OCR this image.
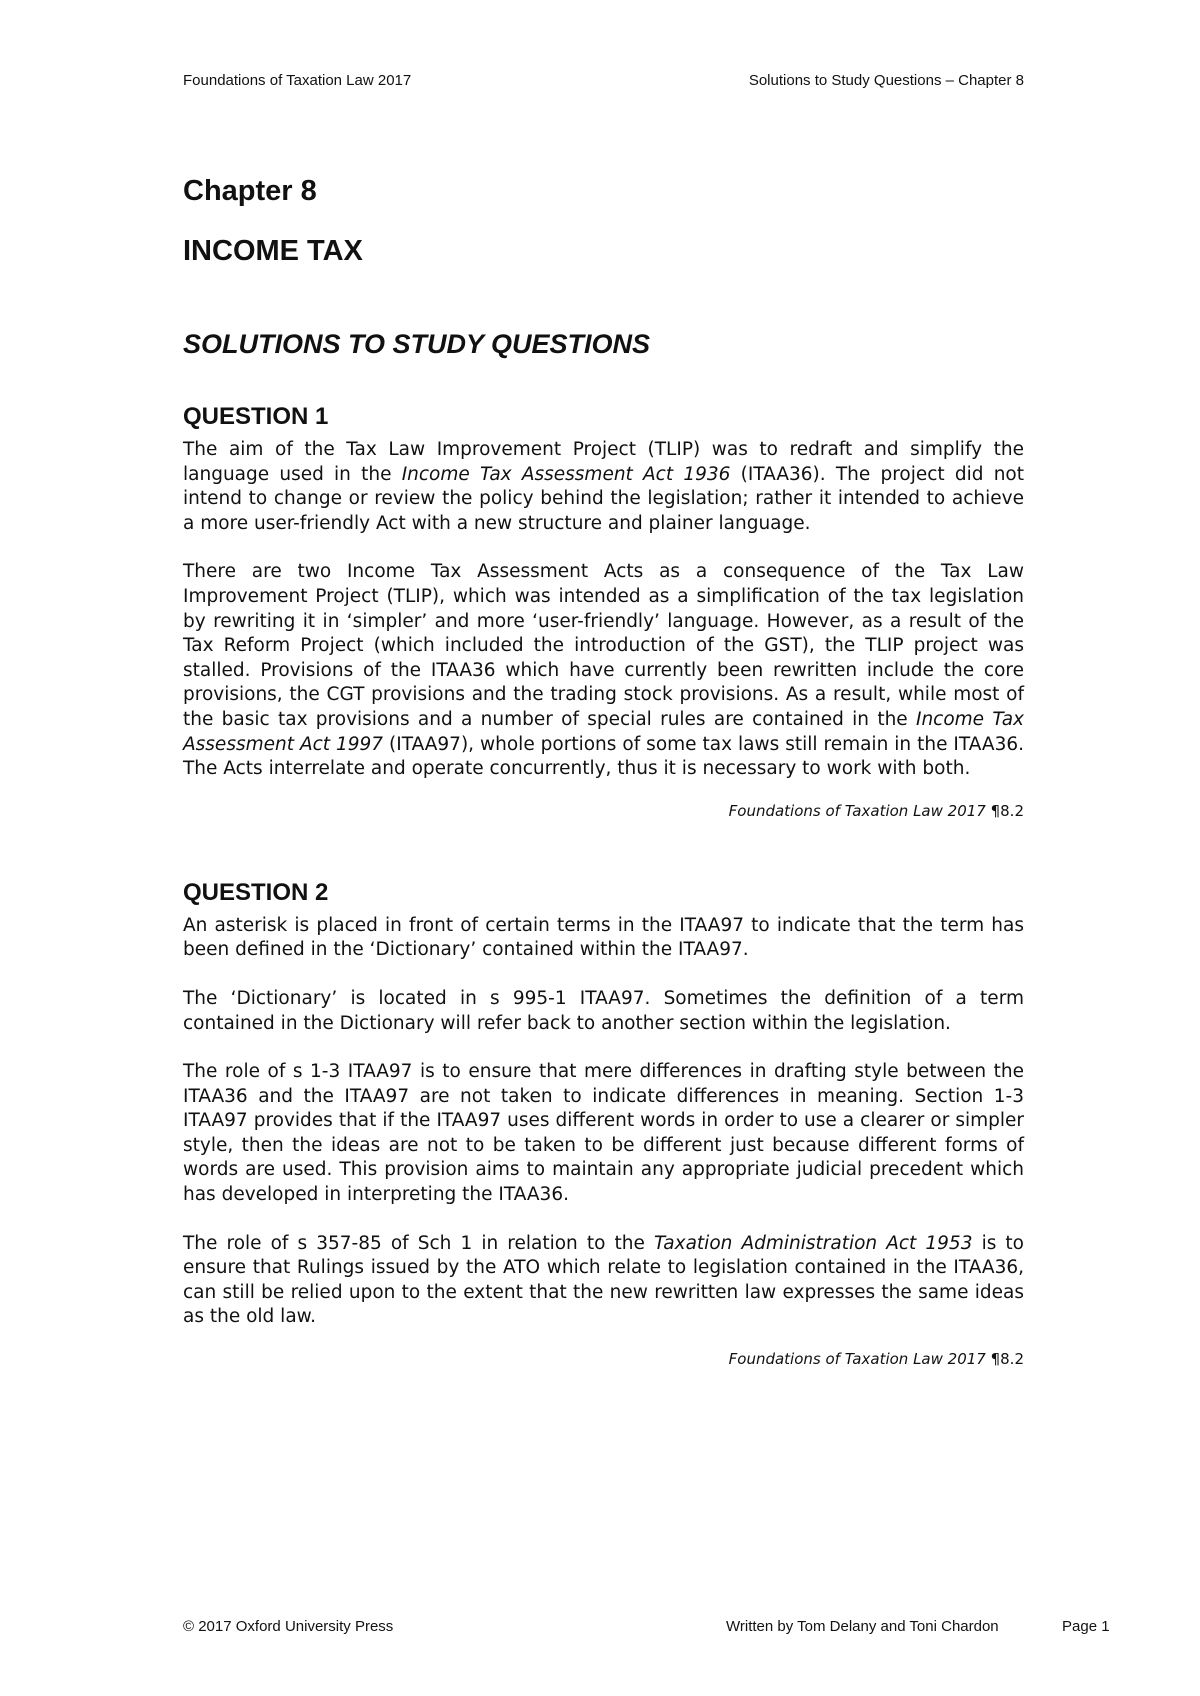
Foundations of Taxation Law 2017	Solutions to Study Questions – Chapter 8
Chapter 8
INCOME TAX
SOLUTIONS TO STUDY QUESTIONS
QUESTION 1

The aim of the Tax Law Improvement Project (TLIP) was to redraft and simplify the language used in the Income Tax Assessment Act 1936 (ITAA36). The project did not intend to change or review the policy behind the legislation; rather it intended to achieve a more user-friendly Act with a new structure and plainer language.

There are two Income Tax Assessment Acts as a consequence of the Tax Law Improvement Project (TLIP), which was intended as a simplification of the tax legislation by rewriting it in ‘simpler’ and more ‘user-friendly’ language. However, as a result of the Tax Reform Project (which included the introduction of the GST), the TLIP project was stalled. Provisions of the ITAA36 which have currently been rewritten include the core provisions, the CGT provisions and the trading stock provisions. As a result, while most of the basic tax provisions and a number of special rules are contained in the Income Tax Assessment Act 1997 (ITAA97), whole portions of some tax laws still remain in the ITAA36. The Acts interrelate and operate concurrently, thus it is necessary to work with both.

Foundations of Taxation Law 2017 ¶8.2

QUESTION 2

An asterisk is placed in front of certain terms in the ITAA97 to indicate that the term has been defined in the ‘Dictionary’ contained within the ITAA97.

The ‘Dictionary’ is located in s 995-1 ITAA97. Sometimes the definition of a term contained in the Dictionary will refer back to another section within the legislation.

The role of s 1-3 ITAA97 is to ensure that mere differences in drafting style between the ITAA36 and the ITAA97 are not taken to indicate differences in meaning. Section 1-3 ITAA97 provides that if the ITAA97 uses different words in order to use a clearer or simpler style, then the ideas are not to be taken to be different just because different forms of words are used. This provision aims to maintain any appropriate judicial precedent which has developed in interpreting the ITAA36.

The role of s 357-85 of Sch 1 in relation to the Taxation Administration Act 1953 is to ensure that Rulings issued by the ATO which relate to legislation contained in the ITAA36, can still be relied upon to the extent that the new rewritten law expresses the same ideas as the old law.

Foundations of Taxation Law 2017 ¶8.2

© 2017 Oxford University Press	Written by Tom Delany and Toni Chardon	Page 1
